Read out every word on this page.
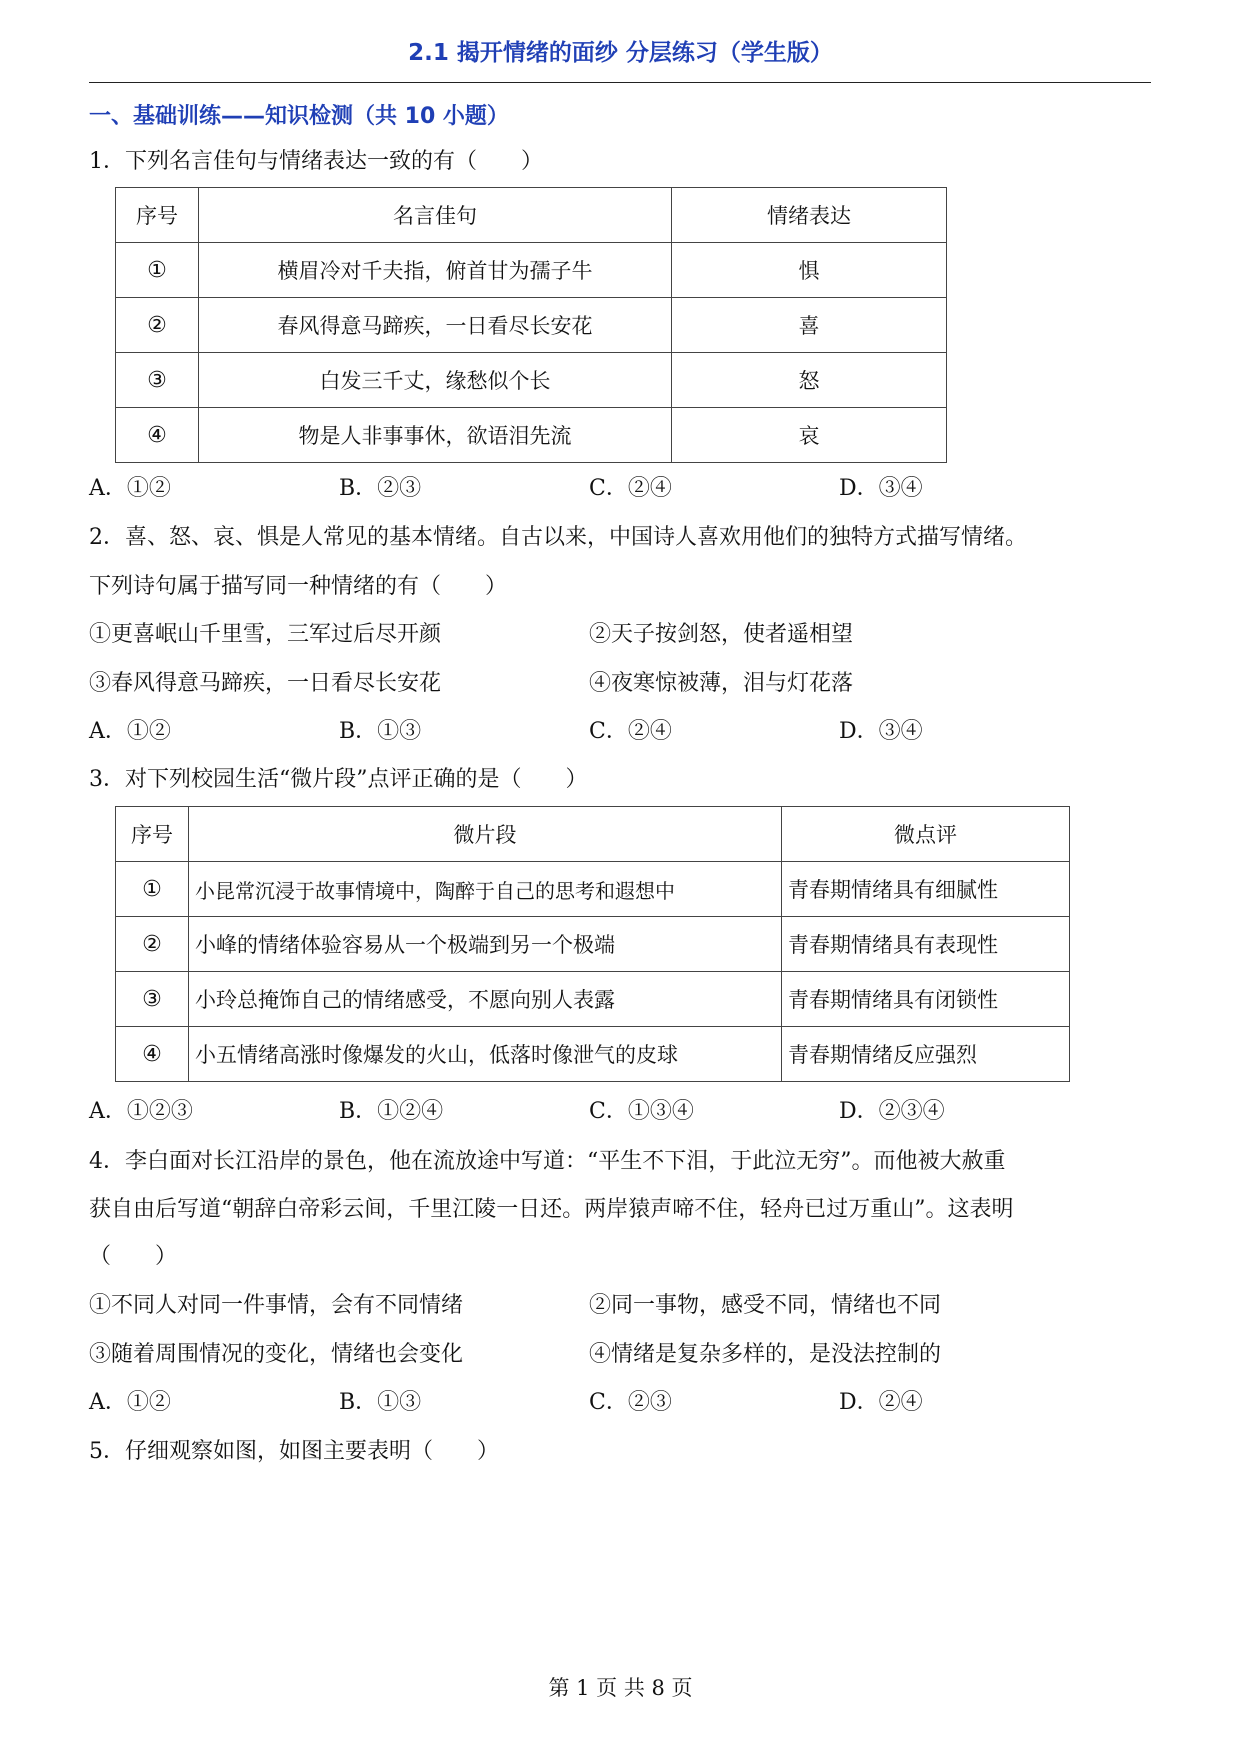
2.1 揭开情绪的面纱 分层练习（学生版）
一、基础训练——知识检测（共 10 小题）
1．下列名言佳句与情绪表达一致的有（　　）
序号	名言佳句	情绪表达
①	横眉冷对千夫指，俯首甘为孺子牛	惧
②	春风得意马蹄疾，一日看尽长安花	喜
③	白发三千丈，缘愁似个长	怒
④	物是人非事事休，欲语泪先流	哀
A．①②	B．②③	C．②④	D．③④
2．喜、怒、哀、惧是人常见的基本情绪。自古以来，中国诗人喜欢用他们的独特方式描写情绪。
下列诗句属于描写同一种情绪的有（　　）
①更喜岷山千里雪，三军过后尽开颜	②天子按剑怒，使者遥相望
③春风得意马蹄疾，一日看尽长安花	④夜寒惊被薄，泪与灯花落
A．①②	B．①③	C．②④	D．③④
3．对下列校园生活“微片段”点评正确的是（　　）
序号	微片段	微点评
①	小昆常沉浸于故事情境中，陶醉于自己的思考和遐想中	青春期情绪具有细腻性
②	小峰的情绪体验容易从一个极端到另一个极端	青春期情绪具有表现性
③	小玲总掩饰自己的情绪感受，不愿向别人表露	青春期情绪具有闭锁性
④	小五情绪高涨时像爆发的火山，低落时像泄气的皮球	青春期情绪反应强烈
A．①②③	B．①②④	C．①③④	D．②③④
4．李白面对长江沿岸的景色，他在流放途中写道：“平生不下泪，于此泣无穷”。而他被大赦重
获自由后写道“朝辞白帝彩云间，千里江陵一日还。两岸猿声啼不住，轻舟已过万重山”。这表明
（　　）
①不同人对同一件事情，会有不同情绪	②同一事物，感受不同，情绪也不同
③随着周围情况的变化，情绪也会变化	④情绪是复杂多样的，是没法控制的
A．①②	B．①③	C．②③	D．②④
5．仔细观察如图，如图主要表明（　　）
第 1 页 共 8 页
